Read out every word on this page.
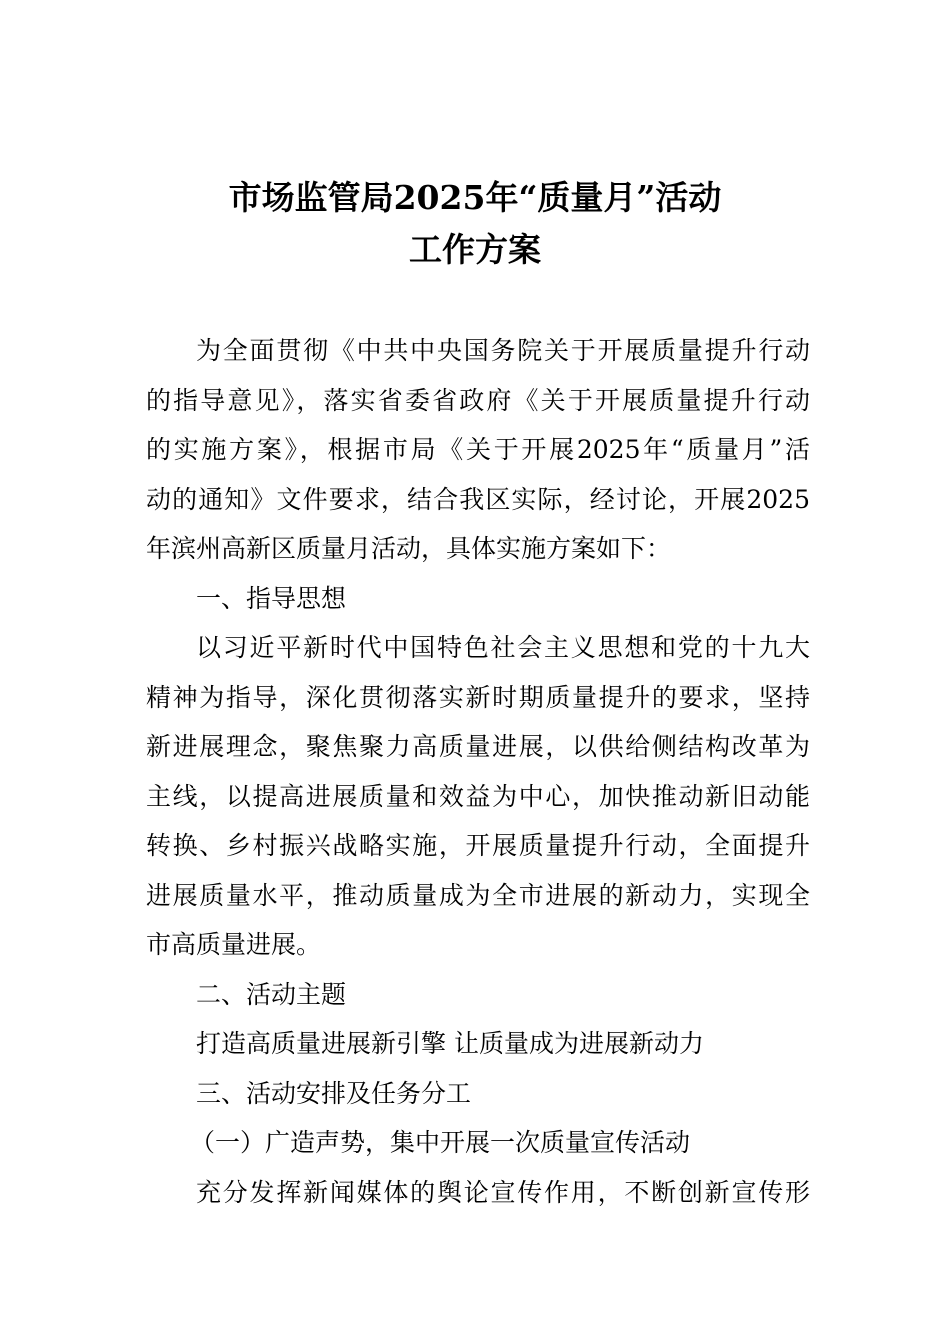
市场监管局2025年“质量月”活动
工作方案
为全面贯彻《中共中央国务院关于开展质量提升行动
的指导意见》，落实省委省政府《关于开展质量提升行动
的实施方案》，根据市局《关于开展2025年“质量月”活
动的通知》文件要求，结合我区实际，经讨论，开展2025
年滨州高新区质量月活动，具体实施方案如下：
一、指导思想
以习近平新时代中国特色社会主义思想和党的十九大
精神为指导，深化贯彻落实新时期质量提升的要求，坚持
新进展理念，聚焦聚力高质量进展，以供给侧结构改革为
主线，以提高进展质量和效益为中心，加快推动新旧动能
转换、乡村振兴战略实施，开展质量提升行动，全面提升
进展质量水平，推动质量成为全市进展的新动力，实现全
市高质量进展。
二、活动主题
打造高质量进展新引擎 让质量成为进展新动力
三、活动安排及任务分工
（一）广造声势，集中开展一次质量宣传活动
充分发挥新闻媒体的舆论宣传作用，不断创新宣传形
